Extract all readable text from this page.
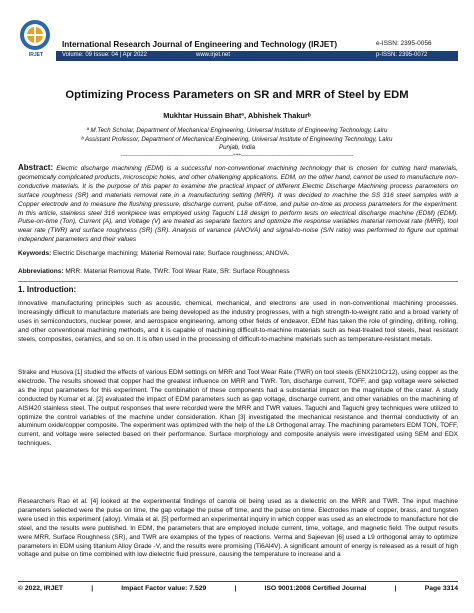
IRJET
International Research Journal of Engineering and Technology (IRJET)	e-ISSN: 2395-0056
Volume: 09 Issue: 04 | Apr 2022	www.irjet.net	p-ISSN: 2395-0072
Optimizing Process Parameters on SR and MRR of Steel by EDM
Mukhtar Hussain Bhatª, Abhishek Thakurᵇ
ª M.Tech Scholar, Department of Mechanical Engineering, Universal Institute of Engineering Technology, Lalru
ᵇ Assistant Professor, Department of Mechanical Engineering, Universal Institute of Engineering Technology, Lalru
Punjab, India
---------------------------------------------------------------------***---------------------------------------------------------------------
Abstract: Electric discharge machining (EDM) is a successful non-conventional machining technology that is chosen for cutting hard materials, geometrically complicated products, microscopic holes, and other challenging applications. EDM, on the other hand, cannot be used to manufacture non-conductive materials. It is the purpose of this paper to examine the practical impact of different Electric Discharge Machining process parameters on surface roughness (SR) and materials removal rate in a manufacturing setting (MRR). It was decided to machine the SS 316 steel samples with a Copper electrode and to measure the flushing pressure, discharge current, pulse off-time, and pulse on-time as process parameters for the experiment. In this article, stainless steel 316 workpiece was employed using Taguchi L18 design to perform tests on electrical discharge machine (EDM) (EDM). Pulse-on-time (Ton), Current (A), and Voltage (V) are treated as separate factors and optimize the response variables material removal rate (MRR), tool wear rate (TWR) and surface roughness (SR) (SR). Analysis of variance (ANOVA) and signal-to-noise (S/N ratio) was performed to figure out optimal independent parameters and their values
Keywords: Electric Discharge machining; Material Removal rate; Surface roughness; ANOVA.
Abbreviations: MRR: Material Removal Rate, TWR: Tool Wear Rate, SR: Surface Roughness
1. Introduction:
Innovative manufacturing principles such as acoustic, chemical, mechanical, and electrons are used in non-conventional machining processes. Increasingly difficult to manufacture materials are being developed as the industry progresses, with a high strength-to-weight ratio and a broad variety of uses in semiconductors, nuclear power, and aerospace engineering, among other fields of endeavor. EDM has taken the role of grinding, drilling, rolling, and other conventional machining methods, and it is capable of machining difficult-to-machine materials such as heat-treated tool steels, heat resistant steels, composites, ceramics, and so on. It is often used in the processing of difficult-to-machine materials such as temperature-resistant metals.
Strake and Husova [1] studied the effects of various EDM settings on MRR and Tool Wear Rate (TWR) on tool steels (ENX210Cr12), using copper as the electrode. The results showed that copper had the greatest influence on MRR and TWR. Ton, discharge current, TOFF, and gap voltage were selected as the input parameters for this experiment. The combination of these components had a substantial impact on the magnitude of the crater. A study conducted by Kumar et al. [2] evaluated the impact of EDM parameters such as gap voltage, discharge current, and other variables on the machining of AISI420 stainless steel. The output responses that were recorded were the MRR and TWR values. Taguchi and Taguchi grey techniques were utilized to optimize the control variables of the machine under consideration. Khan [3] investigated the mechanical resistance and thermal conductivity of an aluminum oxide/copper composite. The experiment was optimized with the help of the L8 Orthogonal array. The machining parameters EDM TON, TOFF, current, and voltage were selected based on their performance. Surface morphology and composite analysis were investigated using SEM and EDX techniques.
Researchers Rao et al. [4] looked at the experimental findings of canola oil being used as a dielectric on the MRR and TWR. The input machine parameters selected were the pulse on time, the gap voltage the pulse off time, and the pulse on time. Electrodes made of copper, brass, and tungsten were used in this experiment (alloy). Vimala et al. [5] performed an experimental inquiry in which copper was used as an electrode to manufacture hot die steel, and the results were published. In EDM, the parameters that are employed include current, time, voltage, and magnetic field. The output results were MRR, Surface Roughness (SR), and TWR are examples of the types of reactions. Verma and Sajeevan [6] used a L9 orthogonal array to optimize parameters in EDM using titanium Alloy Grade -V, and the results were promising (Ti6Al4V). A significant amount of energy is released as a result of high voltage and pulse on time combined with low dielectric fluid pressure, causing the temperature to increase and a
© 2022, IRJET	|	Impact Factor value: 7.529	|	ISO 9001:2008 Certified Journal	|	Page 3314
